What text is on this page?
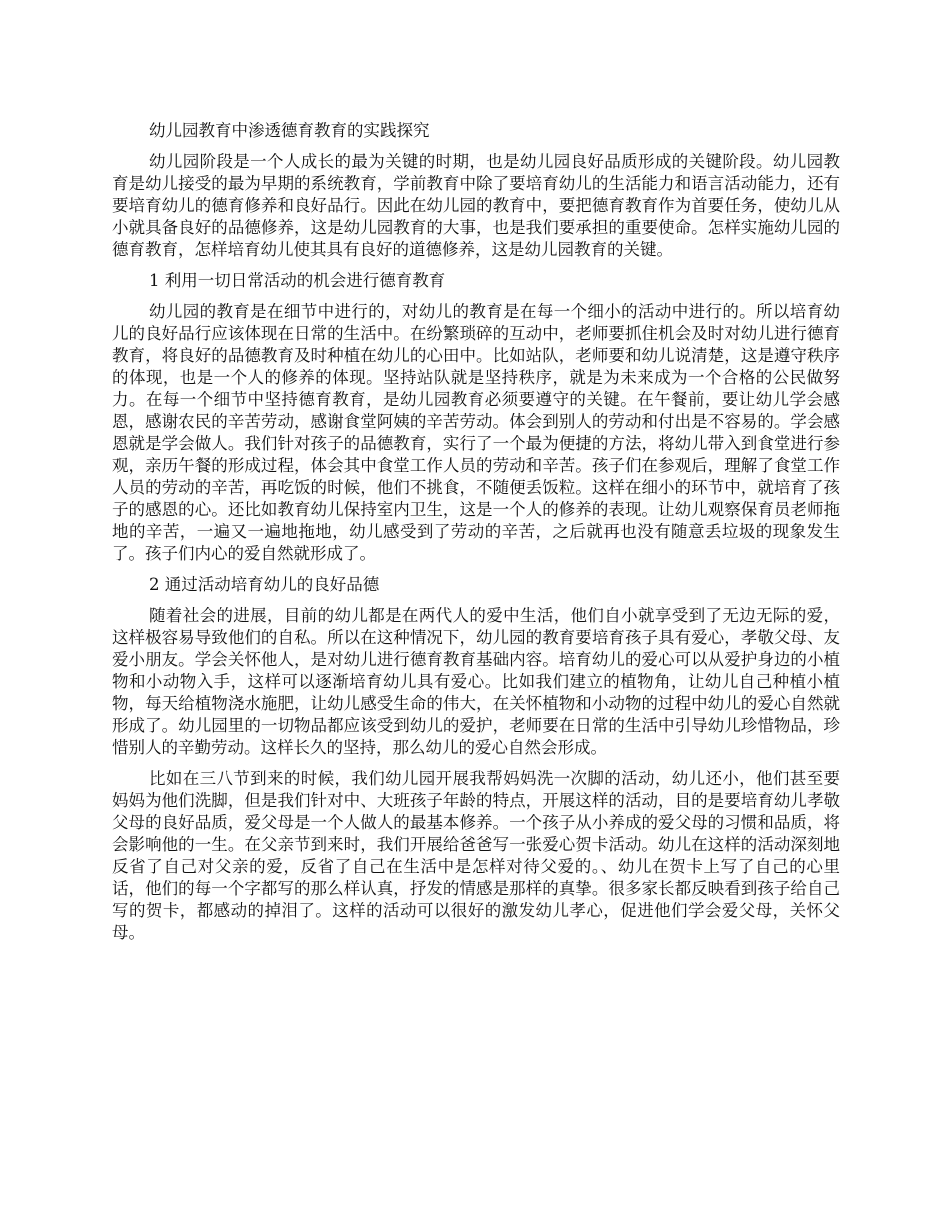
幼儿园教育中渗透德育教育的实践探究

幼儿园阶段是一个人成长的最为关键的时期，也是幼儿园良好品质形成的关键阶段。幼儿园教育是幼儿接受的最为早期的系统教育，学前教育中除了要培育幼儿的生活能力和语言活动能力，还有要培育幼儿的德育修养和良好品行。因此在幼儿园的教育中，要把德育教育作为首要任务，使幼儿从小就具备良好的品德修养，这是幼儿园教育的大事，也是我们要承担的重要使命。怎样实施幼儿园的德育教育，怎样培育幼儿使其具有良好的道德修养，这是幼儿园教育的关键。

1 利用一切日常活动的机会进行德育教育

幼儿园的教育是在细节中进行的，对幼儿的教育是在每一个细小的活动中进行的。所以培育幼儿的良好品行应该体现在日常的生活中。在纷繁琐碎的互动中，老师要抓住机会及时对幼儿进行德育教育，将良好的品德教育及时种植在幼儿的心田中。比如站队，老师要和幼儿说清楚，这是遵守秩序的体现，也是一个人的修养的体现。坚持站队就是坚持秩序，就是为未来成为一个合格的公民做努力。在每一个细节中坚持德育教育，是幼儿园教育必须要遵守的关键。在午餐前，要让幼儿学会感恩，感谢农民的辛苦劳动，感谢食堂阿姨的辛苦劳动。体会到别人的劳动和付出是不容易的。学会感恩就是学会做人。我们针对孩子的品德教育，实行了一个最为便捷的方法，将幼儿带入到食堂进行参观，亲历午餐的形成过程，体会其中食堂工作人员的劳动和辛苦。孩子们在参观后，理解了食堂工作人员的劳动的辛苦，再吃饭的时候，他们不挑食，不随便丢饭粒。这样在细小的环节中，就培育了孩子的感恩的心。还比如教育幼儿保持室内卫生，这是一个人的修养的表现。让幼儿观察保育员老师拖地的辛苦，一遍又一遍地拖地，幼儿感受到了劳动的辛苦，之后就再也没有随意丢垃圾的现象发生了。孩子们内心的爱自然就形成了。

2 通过活动培育幼儿的良好品德

随着社会的进展，目前的幼儿都是在两代人的爱中生活，他们自小就享受到了无边无际的爱，这样极容易导致他们的自私。所以在这种情况下，幼儿园的教育要培育孩子具有爱心，孝敬父母、友爱小朋友。学会关怀他人，是对幼儿进行德育教育基础内容。培育幼儿的爱心可以从爱护身边的小植物和小动物入手，这样可以逐渐培育幼儿具有爱心。比如我们建立的植物角，让幼儿自己种植小植物，每天给植物浇水施肥，让幼儿感受生命的伟大，在关怀植物和小动物的过程中幼儿的爱心自然就形成了。幼儿园里的一切物品都应该受到幼儿的爱护，老师要在日常的生活中引导幼儿珍惜物品，珍惜别人的辛勤劳动。这样长久的坚持，那么幼儿的爱心自然会形成。

比如在三八节到来的时候，我们幼儿园开展我帮妈妈洗一次脚的活动，幼儿还小，他们甚至要妈妈为他们洗脚，但是我们针对中、大班孩子年龄的特点，开展这样的活动，目的是要培育幼儿孝敬父母的良好品质，爱父母是一个人做人的最基本修养。一个孩子从小养成的爱父母的习惯和品质，将会影响他的一生。在父亲节到来时，我们开展给爸爸写一张爱心贺卡活动。幼儿在这样的活动深刻地反省了自己对父亲的爱，反省了自己在生活中是怎样对待父爱的。、幼儿在贺卡上写了自己的心里话，他们的每一个字都写的那么样认真，抒发的情感是那样的真挚。很多家长都反映看到孩子给自己写的贺卡，都感动的掉泪了。这样的活动可以很好的激发幼儿孝心，促进他们学会爱父母，关怀父母。
